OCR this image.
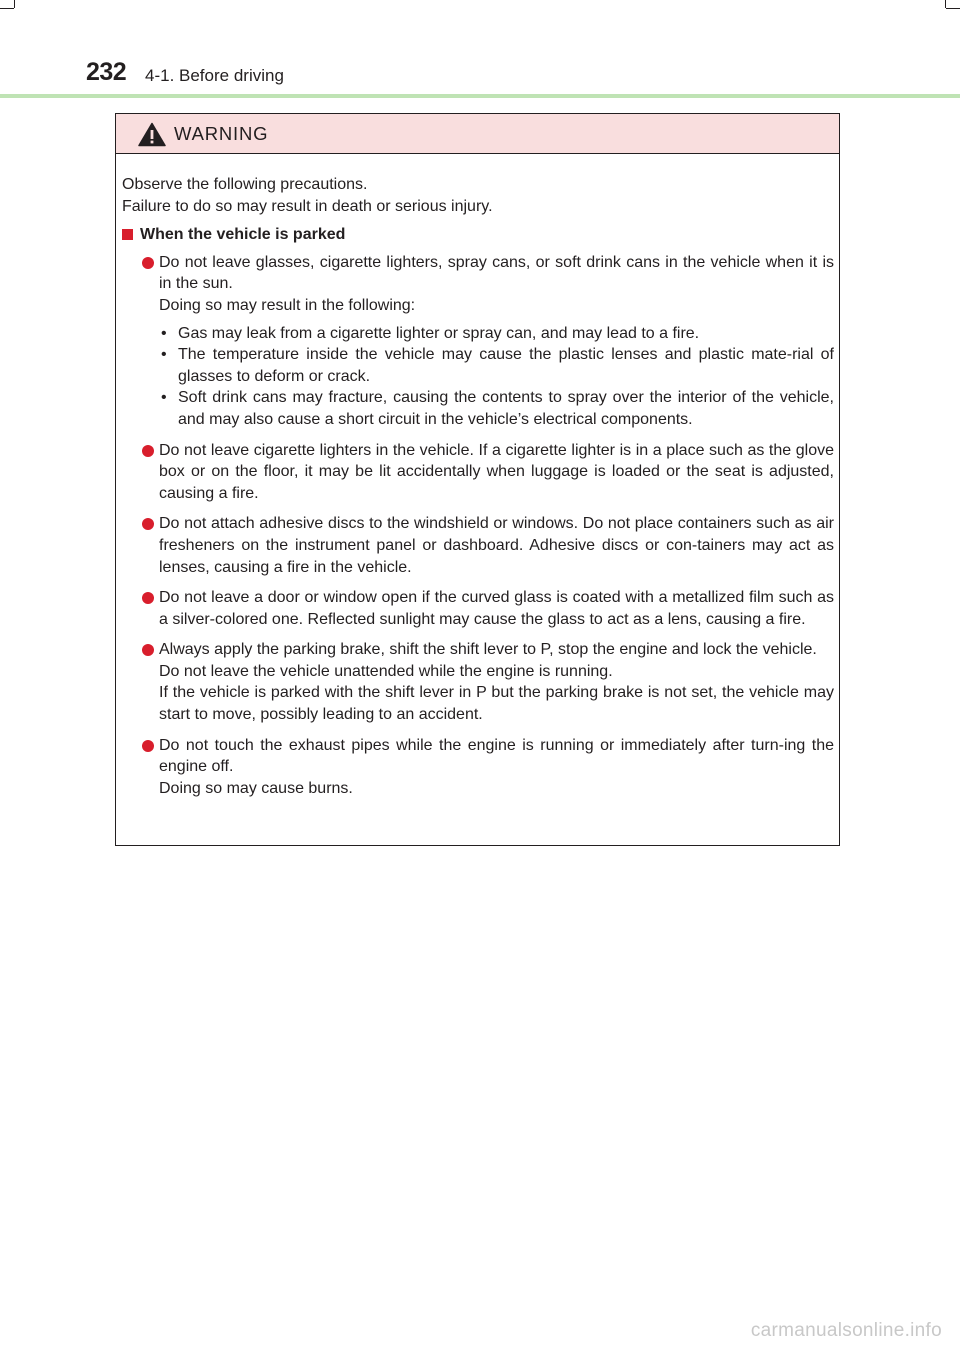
232 4-1. Before driving
WARNING
Observe the following precautions.
Failure to do so may result in death or serious injury.
When the vehicle is parked

Do not leave glasses, cigarette lighters, spray cans, or soft drink cans in the vehicle when it is in the sun.

Doing so may result in the following:

• Gas may leak from a cigarette lighter or spray can, and may lead to a fire.
• The temperature inside the vehicle may cause the plastic lenses and plastic mate-rial of glasses to deform or crack.
• Soft drink cans may fracture, causing the contents to spray over the interior of the vehicle, and may also cause a short circuit in the vehicle’s electrical components.

Do not leave cigarette lighters in the vehicle. If a cigarette lighter is in a place such as the glove box or on the floor, it may be lit accidentally when luggage is loaded or the seat is adjusted, causing a fire.

Do not attach adhesive discs to the windshield or windows. Do not place containers such as air fresheners on the instrument panel or dashboard. Adhesive discs or con-tainers may act as lenses, causing a fire in the vehicle.

Do not leave a door or window open if the curved glass is coated with a metallized film such as a silver-colored one. Reflected sunlight may cause the glass to act as a lens, causing a fire.

Always apply the parking brake, shift the shift lever to P, stop the engine and lock the vehicle.

Do not leave the vehicle unattended while the engine is running.

If the vehicle is parked with the shift lever in P but the parking brake is not set, the vehicle may start to move, possibly leading to an accident.

Do not touch the exhaust pipes while the engine is running or immediately after turn-ing the engine off.

Doing so may cause burns.

carmanualsonline.info
